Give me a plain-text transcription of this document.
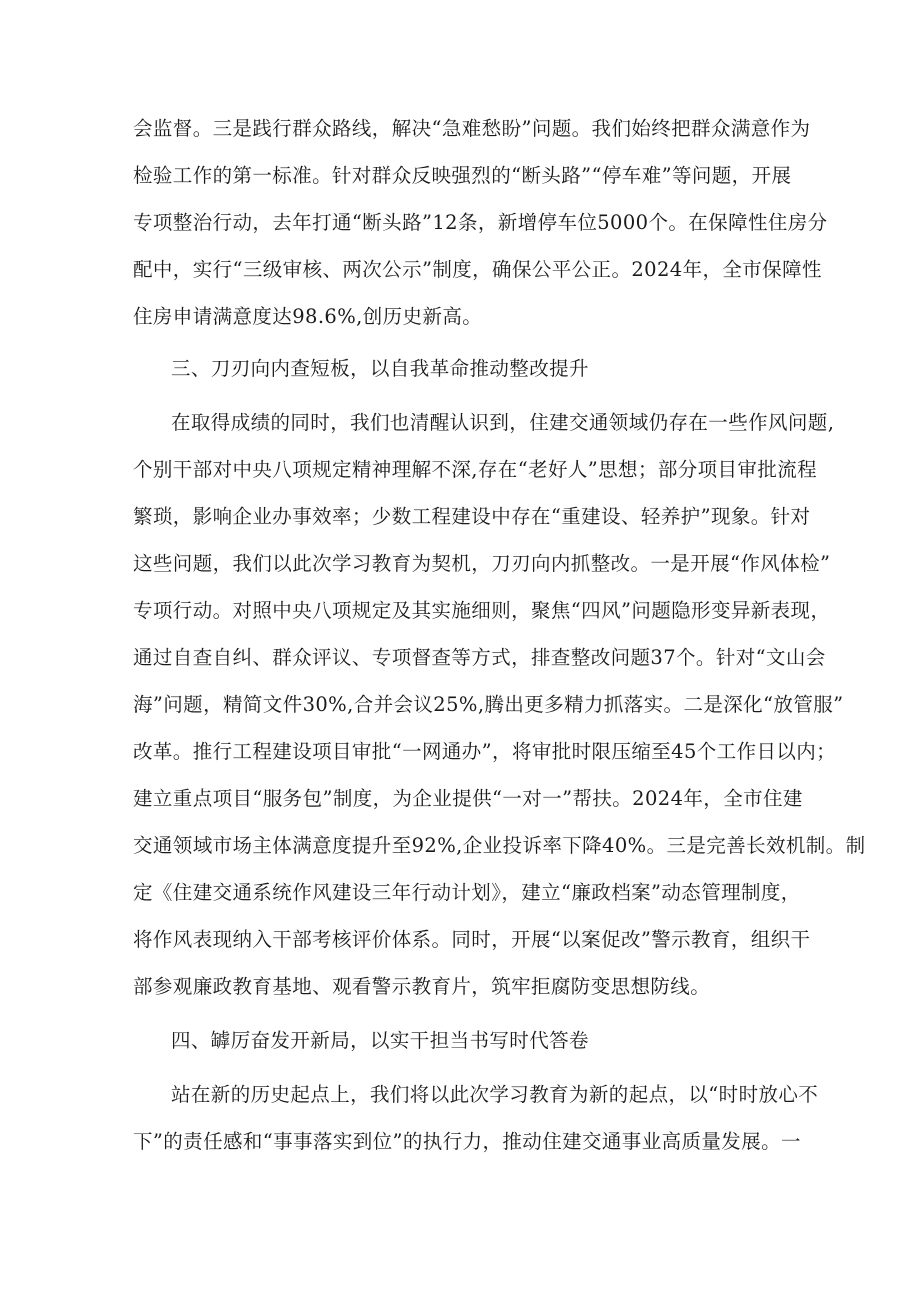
会监督。三是践行群众路线，解决“急难愁盼”问题。我们始终把群众满意作为
检验工作的第一标准。针对群众反映强烈的“断头路”“停车难”等问题，开展
专项整治行动，去年打通“断头路”12条，新增停车位5000个。在保障性住房分
配中，实行“三级审核、两次公示”制度，确保公平公正。2024年，全市保障性
住房申请满意度达98.6%,创历史新高。
三、刀刃向内查短板，以自我革命推动整改提升
在取得成绩的同时，我们也清醒认识到，住建交通领域仍存在一些作风问题,
个别干部对中央八项规定精神理解不深,存在“老好人”思想；部分项目审批流程
繁琐，影响企业办事效率；少数工程建设中存在“重建设、轻养护”现象。针对
这些问题，我们以此次学习教育为契机，刀刃向内抓整改。一是开展“作风体检”
专项行动。对照中央八项规定及其实施细则，聚焦“四风”问题隐形变异新表现，
通过自查自纠、群众评议、专项督查等方式，排查整改问题37个。针对“文山会
海”问题，精简文件30%,合并会议25%,腾出更多精力抓落实。二是深化“放管服”
改革。推行工程建设项目审批“一网通办”，将审批时限压缩至45个工作日以内；
建立重点项目“服务包”制度，为企业提供“一对一”帮扶。2024年，全市住建
交通领域市场主体满意度提升至92%,企业投诉率下降40%。三是完善长效机制。制
定《住建交通系统作风建设三年行动计划》，建立“廉政档案”动态管理制度，
将作风表现纳入干部考核评价体系。同时，开展“以案促改”警示教育，组织干
部参观廉政教育基地、观看警示教育片，筑牢拒腐防变思想防线。
四、罅厉奋发开新局，以实干担当书写时代答卷
站在新的历史起点上，我们将以此次学习教育为新的起点，以“时时放心不
下”的责任感和“事事落实到位”的执行力，推动住建交通事业高质量发展。一
